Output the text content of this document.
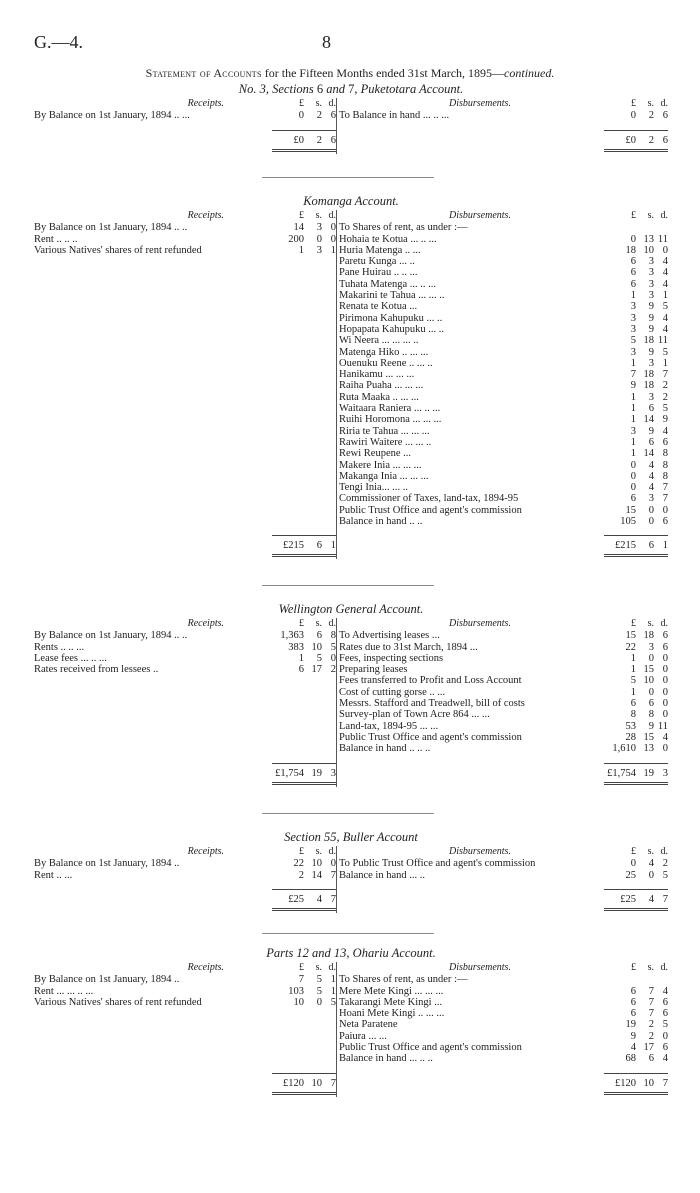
G.—4.	8
Statement of Accounts for the Fifteen Months ended 31st March, 1895—continued.
No. 3, Sections 6 and 7, Puketotara Account.
Receipts.	£ s. d.
By Balance on 1st January, 1894 .. ...	0 2 6
£0 2 6
Disbursements.	£ s. d.
To Balance in hand ... .. ...	0 2 6
£0 2 6
Komanga Account.
Receipts.	£ s. d.
By Balance on 1st January, 1894 .. ..	14 3 0
Rent .. .. ..	200 0 0
Various Natives' shares of rent refunded	1 3 1
£215 6 1
Disbursements.	£ s. d.
To Shares of rent, as under :—
Hohaia te Kotua ... .. ...	0 13 11
Huria Matenga .. ...	18 10 0
Paretu Kunga ... ..	6 3 4
Pane Huirau .. .. ...	6 3 4
Tuhata Matenga ... .. ...	6 3 4
Makarini te Tahua ... ... ..	1 3 1
Renata te Kotua ...	3 9 5
Pirimona Kahupuku ... ..	3 9 4
Hopapata Kahupuku ... ..	3 9 4
Wi Neera ... ... ... ..	5 18 11
Matenga Hiko .. ... ...	3 9 5
Ouenuku Reene .. ... ..	1 3 1
Hanikamu ... ... ...	7 18 7
Raiha Puaha ... ... ...	9 18 2
Ruta Maaka .. ... ...	1 3 2
Waitaara Raniera ... .. ...	1 6 5
Ruihi Horomona ... ... ...	1 14 9
Riria te Tahua ... ... ...	3 9 4
Rawiri Waitere ... ... ..	1 6 6
Rewi Reupene ...	1 14 8
Makere Inia ... ... ...	0 4 8
Makanga Inia ... ... ...	0 4 8
Tengi Inia... ... ..	0 4 7
Commissioner of Taxes, land-tax, 1894-95	6 3 7
Public Trust Office and agent's commission	15 0 0
Balance in hand .. ..	105 0 6
£215 6 1
Wellington General Account.
Receipts.	£ s. d.
By Balance on 1st January, 1894 .. ..	1,363 6 8
Rents .. .. ...	383 10 5
Lease fees ... .. ...	1 5 0
Rates received from lessees ..	6 17 2
£1,754 19 3
Disbursements.	£ s. d.
To Advertising leases ...	15 18 6
Rates due to 31st March, 1894 ...	22 3 6
Fees, inspecting sections	1 0 0
Preparing leases	1 15 0
Fees transferred to Profit and Loss Account	5 10 0
Cost of cutting gorse .. ...	1 0 0
Messrs. Stafford and Treadwell, bill of costs	6 6 0
Survey-plan of Town Acre 864 ... ...	8 8 0
Land-tax, 1894-95 ... ...	53 9 11
Public Trust Office and agent's commission	28 15 4
Balance in hand .. .. ..	1,610 13 0
£1,754 19 3
Section 55, Buller Account
Receipts.	£ s. d.
By Balance on 1st January, 1894 ..	22 10 0
Rent .. ...	2 14 7
£25 4 7
Disbursements.	£ s. d.
To Public Trust Office and agent's commission	0 4 2
Balance in hand ... ..	25 0 5
£25 4 7
Parts 12 and 13, Ohariu Account.
Receipts.	£ s. d.
By Balance on 1st January, 1894 ..	7 5 1
Rent ... ... .. ...	103 5 1
Various Natives' shares of rent refunded	10 0 5
£120 10 7
Disbursements.	£ s. d.
To Shares of rent, as under :—
Mere Mete Kingi ... ... ...	6 7 4
Takarangi Mete Kingi ...	6 7 6
Hoani Mete Kingi .. ... ...	6 7 6
Neta Paratene	19 2 5
Paiura ... ...	9 2 0
Public Trust Office and agent's commission	4 17 6
Balance in hand ... .. ..	68 6 4
£120 10 7
